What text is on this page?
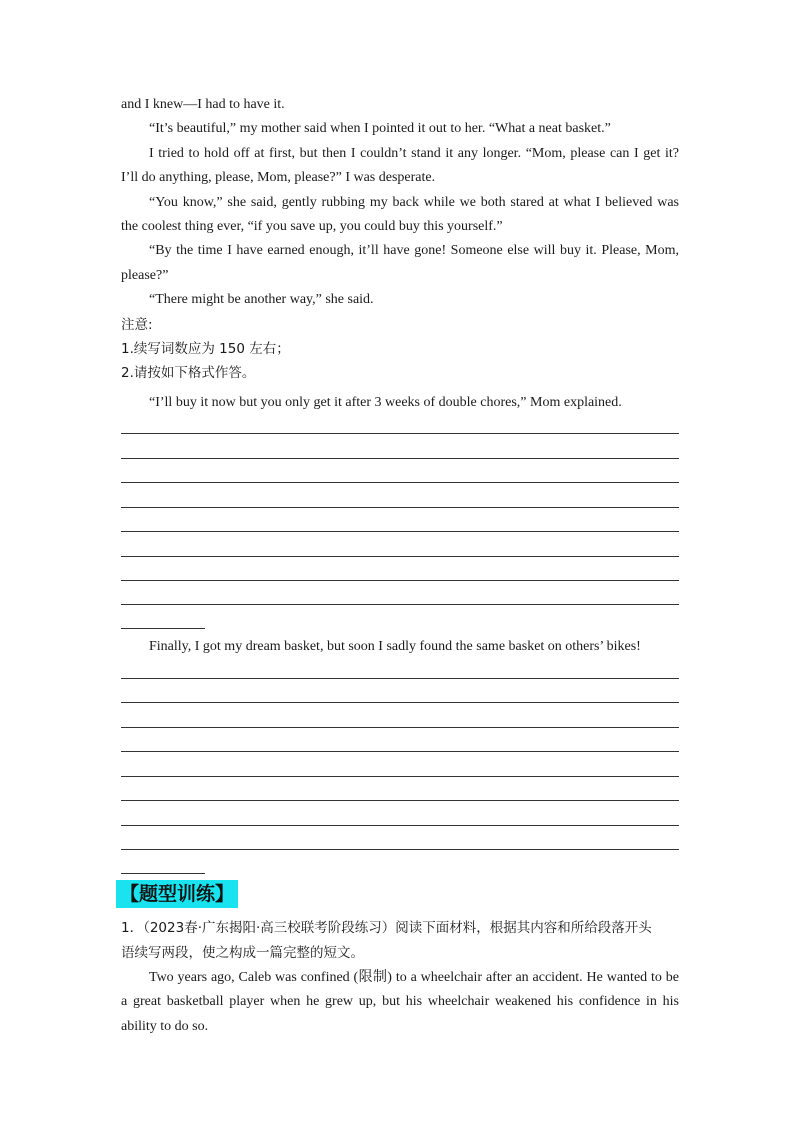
and I knew—I had to have it.
“It’s beautiful,” my mother said when I pointed it out to her. “What a neat basket.”
I tried to hold off at first, but then I couldn’t stand it any longer. “Mom, please can I get it?
I’ll do anything, please, Mom, please?” I was desperate.
“You know,” she said, gently rubbing my back while we both stared at what I believed was
the coolest thing ever, “if you save up, you could buy this yourself.”
“By the time I have earned enough, it’ll have gone! Someone else will buy it. Please, Mom,
please?”
“There might be another way,” she said.
注意:
1.续写词数应为 150 左右；
2.请按如下格式作答。
“I’ll buy it now but you only get it after 3 weeks of double chores,” Mom explained.
Finally, I got my dream basket, but soon I sadly found the same basket on others’ bikes!
【题型训练】
1．（2023春·广东揭阳·高三校联考阶段练习）阅读下面材料，根据其内容和所给段落开头
语续写两段，使之构成一篇完整的短文。
Two years ago, Caleb was confined (限制) to a wheelchair after an accident. He wanted to be
a great basketball player when he grew up, but his wheelchair weakened his confidence in his
ability to do so.
